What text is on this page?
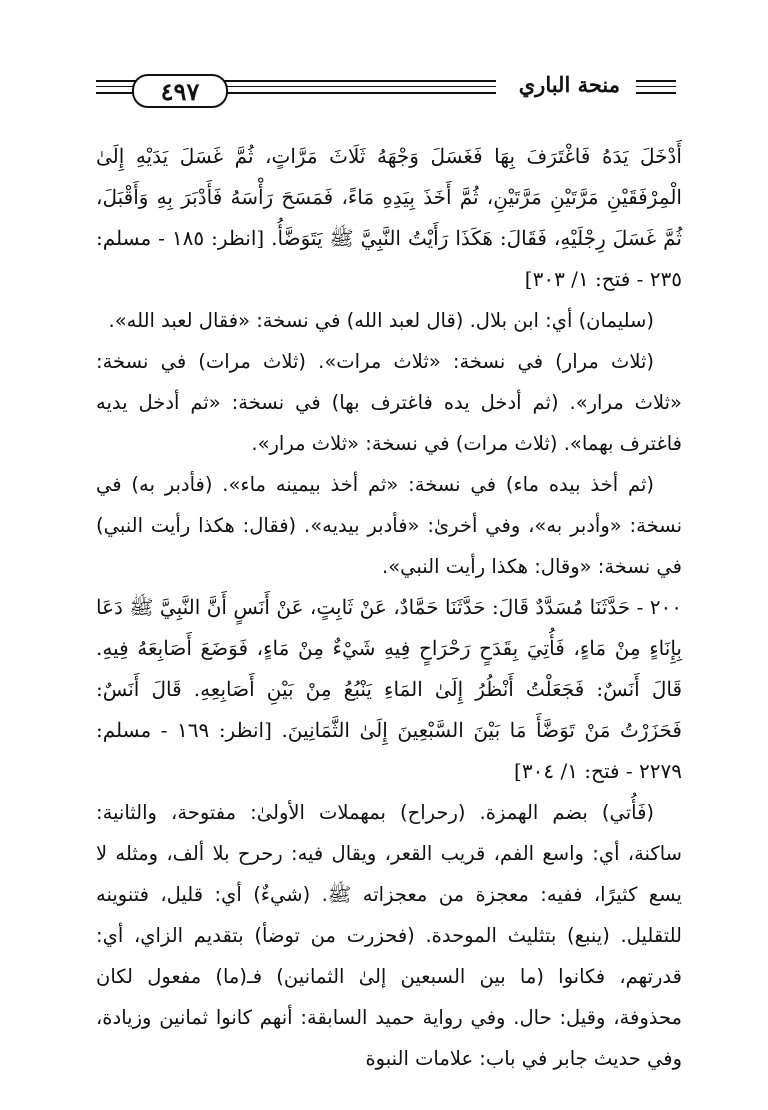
٤٩٧	منحة الباري

أَدْخَلَ يَدَهُ فَاغْتَرَفَ بِهَا فَغَسَلَ وَجْهَهُ ثَلَاثَ مَرَّاتٍ، ثُمَّ غَسَلَ يَدَيْهِ إِلَىٰ الْمِرْفَقَيْنِ مَرَّتَيْنِ مَرَّتَيْنِ، ثُمَّ أَخَذَ بِيَدِهِ مَاءً، فَمَسَحَ رَأْسَهُ فَأَدْبَرَ بِهِ وَأَقْبَلَ، ثُمَّ غَسَلَ رِجْلَيْهِ، فَقَالَ: هَكَذَا رَأَيْتُ النَّبِيَّ ﷺ يَتَوَضَّأُ. [انظر: ١٨٥ - مسلم: ٢٣٥ - فتح: ١/ ٣٠٣]

(سليمان) أي: ابن بلال. (قال لعبد الله) في نسخة: «فقال لعبد الله».

(ثلاث مرار) في نسخة: «ثلاث مرات». (ثلاث مرات) في نسخة: «ثلاث مرار». (ثم أدخل يده فاغترف بها) في نسخة: «ثم أدخل يديه فاغترف بهما». (ثلاث مرات) في نسخة: «ثلاث مرار».

(ثم أخذ بيده ماء) في نسخة: «ثم أخذ بيمينه ماء». (فأدبر به) في نسخة: «وأدبر به»، وفي أخرىٰ: «فأدبر بيديه». (فقال: هكذا رأيت النبي) في نسخة: «وقال: هكذا رأيت النبي».

٢٠٠ - حَدَّثَنَا مُسَدَّدٌ قَالَ: حَدَّثَنَا حَمَّادٌ، عَنْ ثَابِتٍ، عَنْ أَنَسٍ أَنَّ النَّبِيَّ ﷺ دَعَا بِإِنَاءٍ مِنْ مَاءٍ، فَأُتِيَ بِقَدَحٍ رَحْرَاحٍ فِيهِ شَيْءٌ مِنْ مَاءٍ، فَوَضَعَ أَصَابِعَهُ فِيهِ. قَالَ أَنَسٌ: فَجَعَلْتُ أَنْظُرُ إِلَىٰ المَاءِ يَنْبُعُ مِنْ بَيْنِ أَصَابِعِهِ. قَالَ أَنَسٌ: فَحَزَرْتُ مَنْ تَوَضَّأَ مَا بَيْنَ السَّبْعِينَ إِلَىٰ الثَّمَانِينَ. [انظر: ١٦٩ - مسلم: ٢٢٧٩ - فتح: ١/ ٣٠٤]

(فَأُتي) بضم الهمزة. (رحراح) بمهملات الأولىٰ: مفتوحة، والثانية: ساكنة، أي: واسع الفم، قريب القعر، ويقال فيه: رحرح بلا ألف، ومثله لا يسع كثيرًا، ففيه: معجزة من معجزاته ﷺ. (شيءٌ) أي: قليل، فتنوينه للتقليل. (ينبع) بتثليث الموحدة. (فحزرت من توضأ) بتقديم الزاي، أي: قدرتهم، فكانوا (ما بين السبعين إلىٰ الثمانين) فـ(ما) مفعول لكان محذوفة، وقيل: حال. وفي رواية حميد السابقة: أنهم كانوا ثمانين وزيادة، وفي حديث جابر في باب: علامات النبوة
